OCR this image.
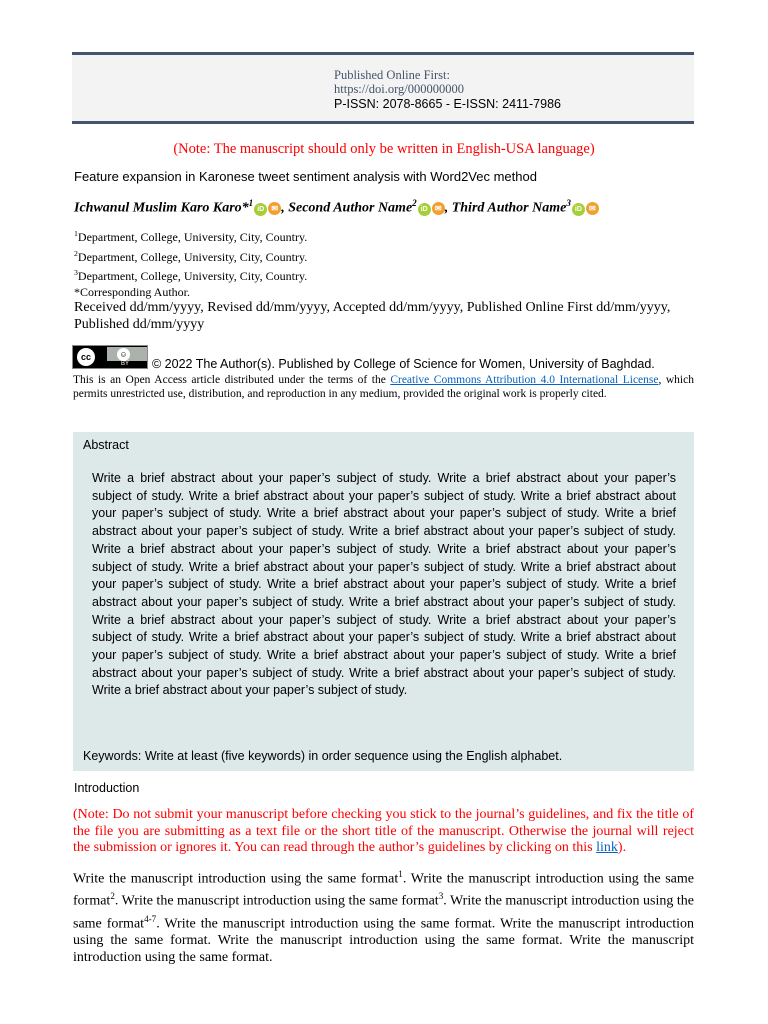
Published Online First:
https://doi.org/000000000
P-ISSN: 2078-8665 - E-ISSN: 2411-7986
(Note: The manuscript should only be written in English-USA language)
Feature expansion in Karonese tweet sentiment analysis with Word2Vec method
Ichwanul Muslim Karo Karo*$^1$iD ✉ , Second Author Name$^2$iD ✉ , Third Author Name$^3$iD ✉
$^1$Department, College, University, City, Country.
$^2$Department, College, University, City, Country.
$^3$Department, College, University, City, Country.
*Corresponding Author.
Received dd/mm/yyyy, Revised dd/mm/yyyy, Accepted dd/mm/yyyy, Published Online First dd/mm/yyyy, Published dd/mm/yyyy
cc	☺
BY © 2022 The Author(s). Published by College of Science for Women, University of Baghdad.
This is an Open Access article distributed under the terms of the Creative Commons Attribution 4.0 International License, which permits unrestricted use, distribution, and reproduction in any medium, provided the original work is properly cited.
Abstract
Write a brief abstract about your paper’s subject of study. Write a brief abstract about your paper’s subject of study. Write a brief abstract about your paper’s subject of study. Write a brief abstract about your paper’s subject of study. Write a brief abstract about your paper’s subject of study. Write a brief abstract about your paper’s subject of study. Write a brief abstract about your paper’s subject of study. Write a brief abstract about your paper’s subject of study. Write a brief abstract about your paper’s subject of study. Write a brief abstract about your paper’s subject of study. Write a brief abstract about your paper’s subject of study. Write a brief abstract about your paper’s subject of study. Write a brief abstract about your paper’s subject of study. Write a brief abstract about your paper’s subject of study. Write a brief abstract about your paper’s subject of study. Write a brief abstract about your paper’s subject of study. Write a brief abstract about your paper’s subject of study. Write a brief abstract about your paper’s subject of study. Write a brief abstract about your paper’s subject of study. Write a brief abstract about your paper’s subject of study. Write a brief abstract about your paper’s subject of study. Write a brief abstract about your paper’s subject of study.
Keywords: Write at least (five keywords) in order sequence using the English alphabet.
Introduction
(Note: Do not submit your manuscript before checking you stick to the journal’s guidelines, and fix the title of the file you are submitting as a text file or the short title of the manuscript. Otherwise the journal will reject the submission or ignores it. You can read through the author’s guidelines by clicking on this link).
Write the manuscript introduction using the same format$^1$. Write the manuscript introduction using the same format$^2$. Write the manuscript introduction using the same format$^3$. Write the manuscript introduction using the same format$^{4-7}$. Write the manuscript introduction using the same format. Write the manuscript introduction using the same format. Write the manuscript introduction using the same format. Write the manuscript introduction using the same format.
